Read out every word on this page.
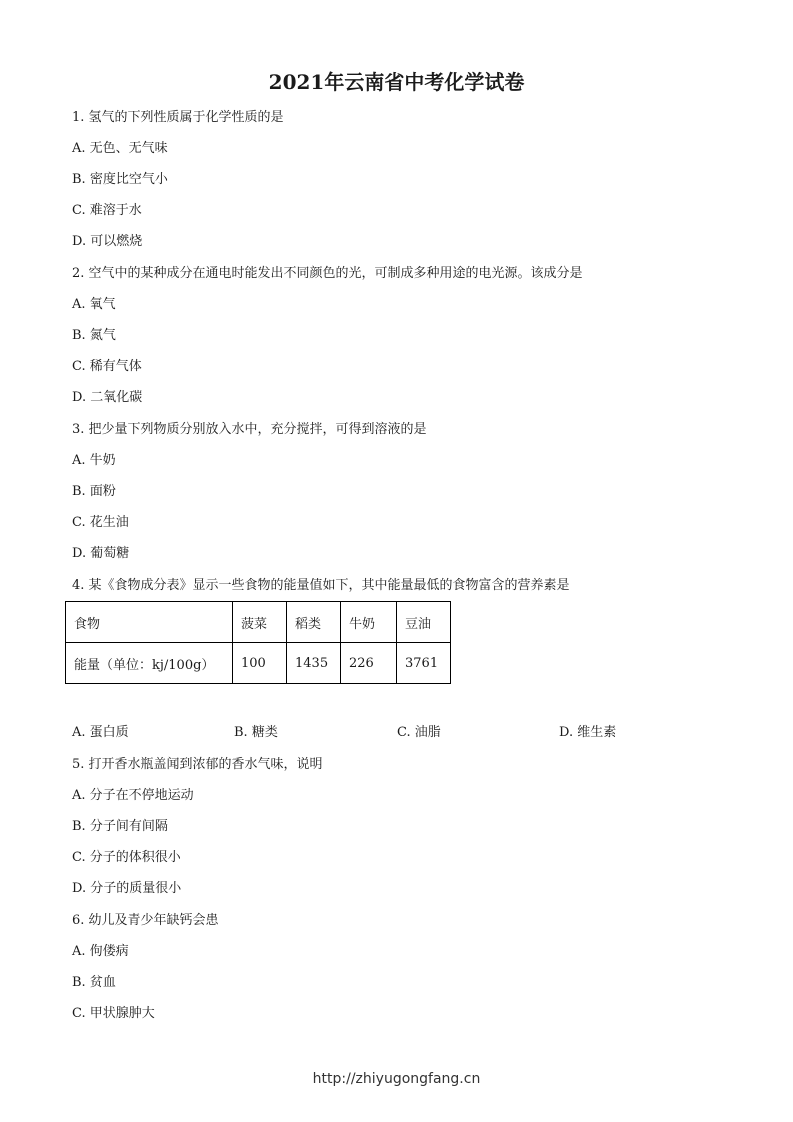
2021年云南省中考化学试卷
1. 氢气的下列性质属于化学性质的是
A. 无色、无气味
B. 密度比空气小
C. 难溶于水
D. 可以燃烧
2. 空气中的某种成分在通电时能发出不同颜色的光，可制成多种用途的电光源。该成分是
A. 氧气
B. 氮气
C. 稀有气体
D. 二氧化碳
3. 把少量下列物质分别放入水中，充分搅拌，可得到溶液的是
A. 牛奶
B. 面粉
C. 花生油
D. 葡萄糖
4. 某《食物成分表》显示一些食物的能量值如下，其中能量最低的食物富含的营养素是
食物	菠菜	稻类	牛奶	豆油
能量（单位：kj/100g）	100	1435	226	3761
A. 蛋白质	B. 糖类	C. 油脂	D. 维生素
5. 打开香水瓶盖闻到浓郁的香水气味，说明
A. 分子在不停地运动
B. 分子间有间隔
C. 分子的体积很小
D. 分子的质量很小
6. 幼儿及青少年缺钙会患
A. 佝偻病
B. 贫血
C. 甲状腺肿大
http://zhiyugongfang.cn
